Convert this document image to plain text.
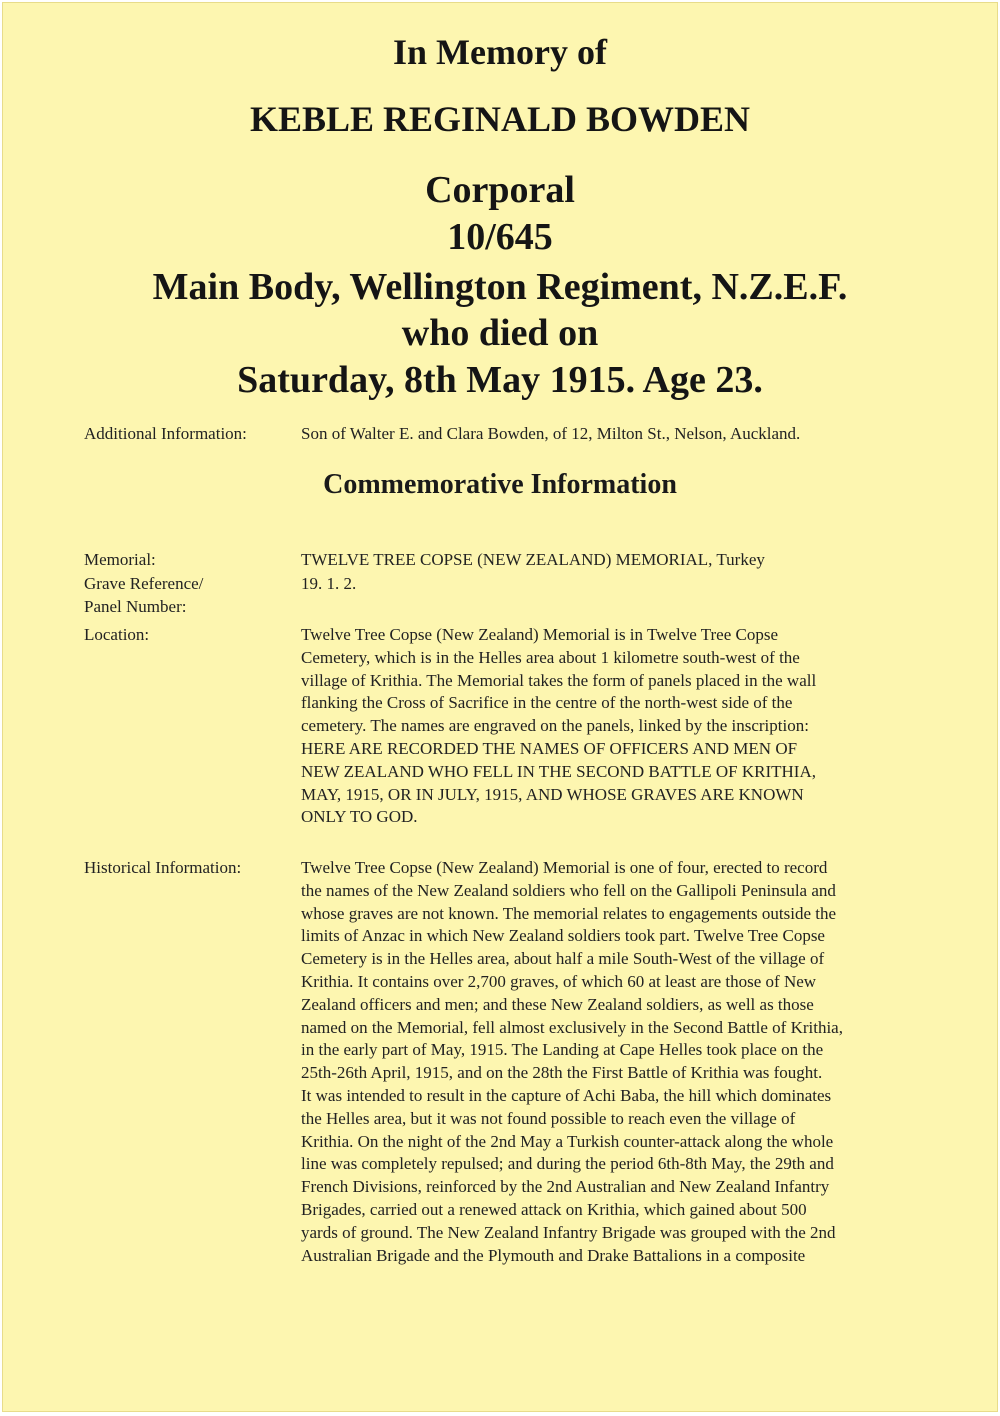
In Memory of
KEBLE REGINALD BOWDEN
Corporal
10/645
Main Body, Wellington Regiment, N.Z.E.F.
who died on
Saturday, 8th May 1915. Age 23.
Additional Information:	Son of Walter E. and Clara Bowden, of 12, Milton St., Nelson, Auckland.
Commemorative Information
Memorial:	TWELVE TREE COPSE (NEW ZEALAND) MEMORIAL, Turkey
Grave Reference/
Panel Number:
19. 1. 2.
Location:	Twelve Tree Copse (New Zealand) Memorial is in Twelve Tree Copse
Cemetery, which is in the Helles area about 1 kilometre south-west of the
village of Krithia. The Memorial takes the form of panels placed in the wall
flanking the Cross of Sacrifice in the centre of the north-west side of the
cemetery. The names are engraved on the panels, linked by the inscription:
HERE ARE RECORDED THE NAMES OF OFFICERS AND MEN OF
NEW ZEALAND WHO FELL IN THE SECOND BATTLE OF KRITHIA,
MAY, 1915, OR IN JULY, 1915, AND WHOSE GRAVES ARE KNOWN
ONLY TO GOD.
Historical Information:	Twelve Tree Copse (New Zealand) Memorial is one of four, erected to record
the names of the New Zealand soldiers who fell on the Gallipoli Peninsula and
whose graves are not known. The memorial relates to engagements outside the
limits of Anzac in which New Zealand soldiers took part. Twelve Tree Copse
Cemetery is in the Helles area, about half a mile South-West of the village of
Krithia. It contains over 2,700 graves, of which 60 at least are those of New
Zealand officers and men; and these New Zealand soldiers, as well as those
named on the Memorial, fell almost exclusively in the Second Battle of Krithia,
in the early part of May, 1915. The Landing at Cape Helles took place on the
25th-26th April, 1915, and on the 28th the First Battle of Krithia was fought.
It was intended to result in the capture of Achi Baba, the hill which dominates
the Helles area, but it was not found possible to reach even the village of
Krithia. On the night of the 2nd May a Turkish counter-attack along the whole
line was completely repulsed; and during the period 6th-8th May, the 29th and
French Divisions, reinforced by the 2nd Australian and New Zealand Infantry
Brigades, carried out a renewed attack on Krithia, which gained about 500
yards of ground. The New Zealand Infantry Brigade was grouped with the 2nd
Australian Brigade and the Plymouth and Drake Battalions in a composite
